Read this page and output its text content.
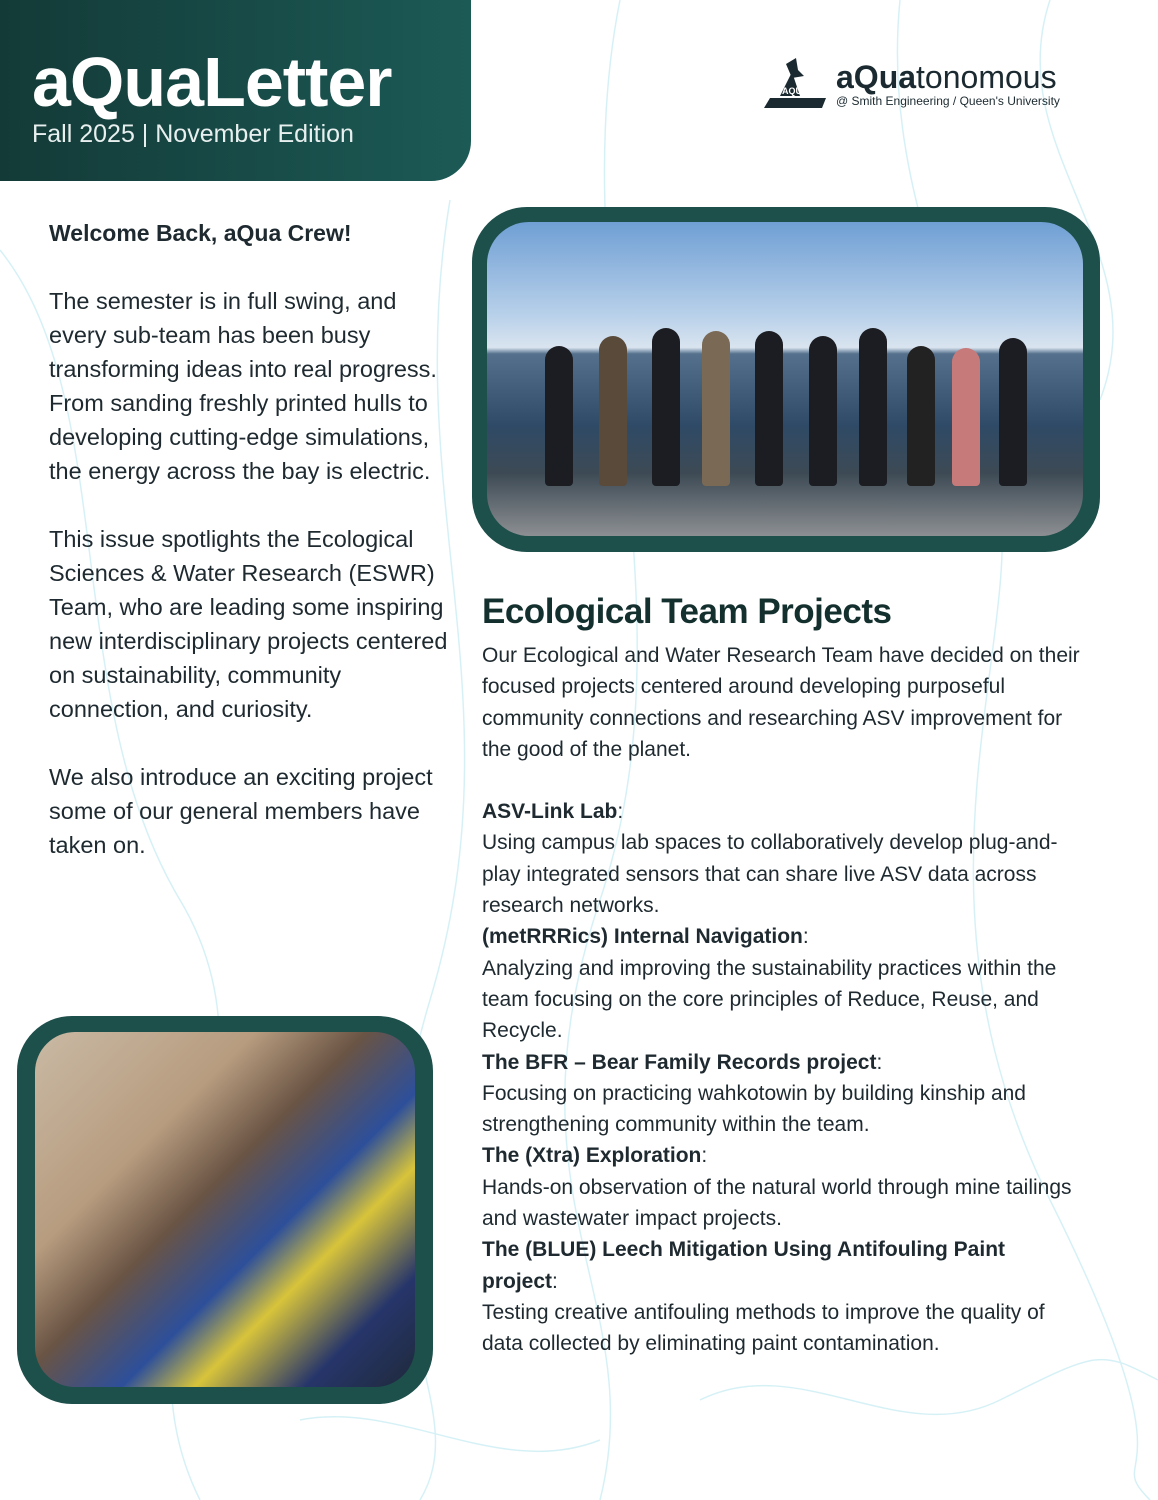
aQuaLetter
Fall 2025 | November Edition
AQUA aQuatonomous
@ Smith Engineering / Queen's University
Welcome Back, aQua Crew!

The semester is in full swing, and every sub-team has been busy transforming ideas into real progress. From sanding freshly printed hulls to developing cutting-edge simulations, the energy across the bay is electric.

This issue spotlights the Ecological Sciences & Water Research (ESWR) Team, who are leading some inspiring new interdisciplinary projects centered on sustainability, community connection, and curiosity.

We also introduce an exciting project some of our general members have taken on.

Ecological Team Projects

Our Ecological and Water Research Team have decided on their focused projects centered around developing purposeful community connections and researching ASV improvement for the good of the planet.

ASV-Link Lab:

Using campus lab spaces to collaboratively develop plug-and-play integrated sensors that can share live ASV data across research networks.

(metRRRics) Internal Navigation:

Analyzing and improving the sustainability practices within the team focusing on the core principles of Reduce, Reuse, and Recycle.

The BFR – Bear Family Records project:

Focusing on practicing wahkotowin by building kinship and strengthening community within the team.

The (Xtra) Exploration:

Hands-on observation of the natural world through mine tailings and wastewater impact projects.

The (BLUE) Leech Mitigation Using Antifouling Paint project:

Testing creative antifouling methods to improve the quality of data collected by eliminating paint contamination.
